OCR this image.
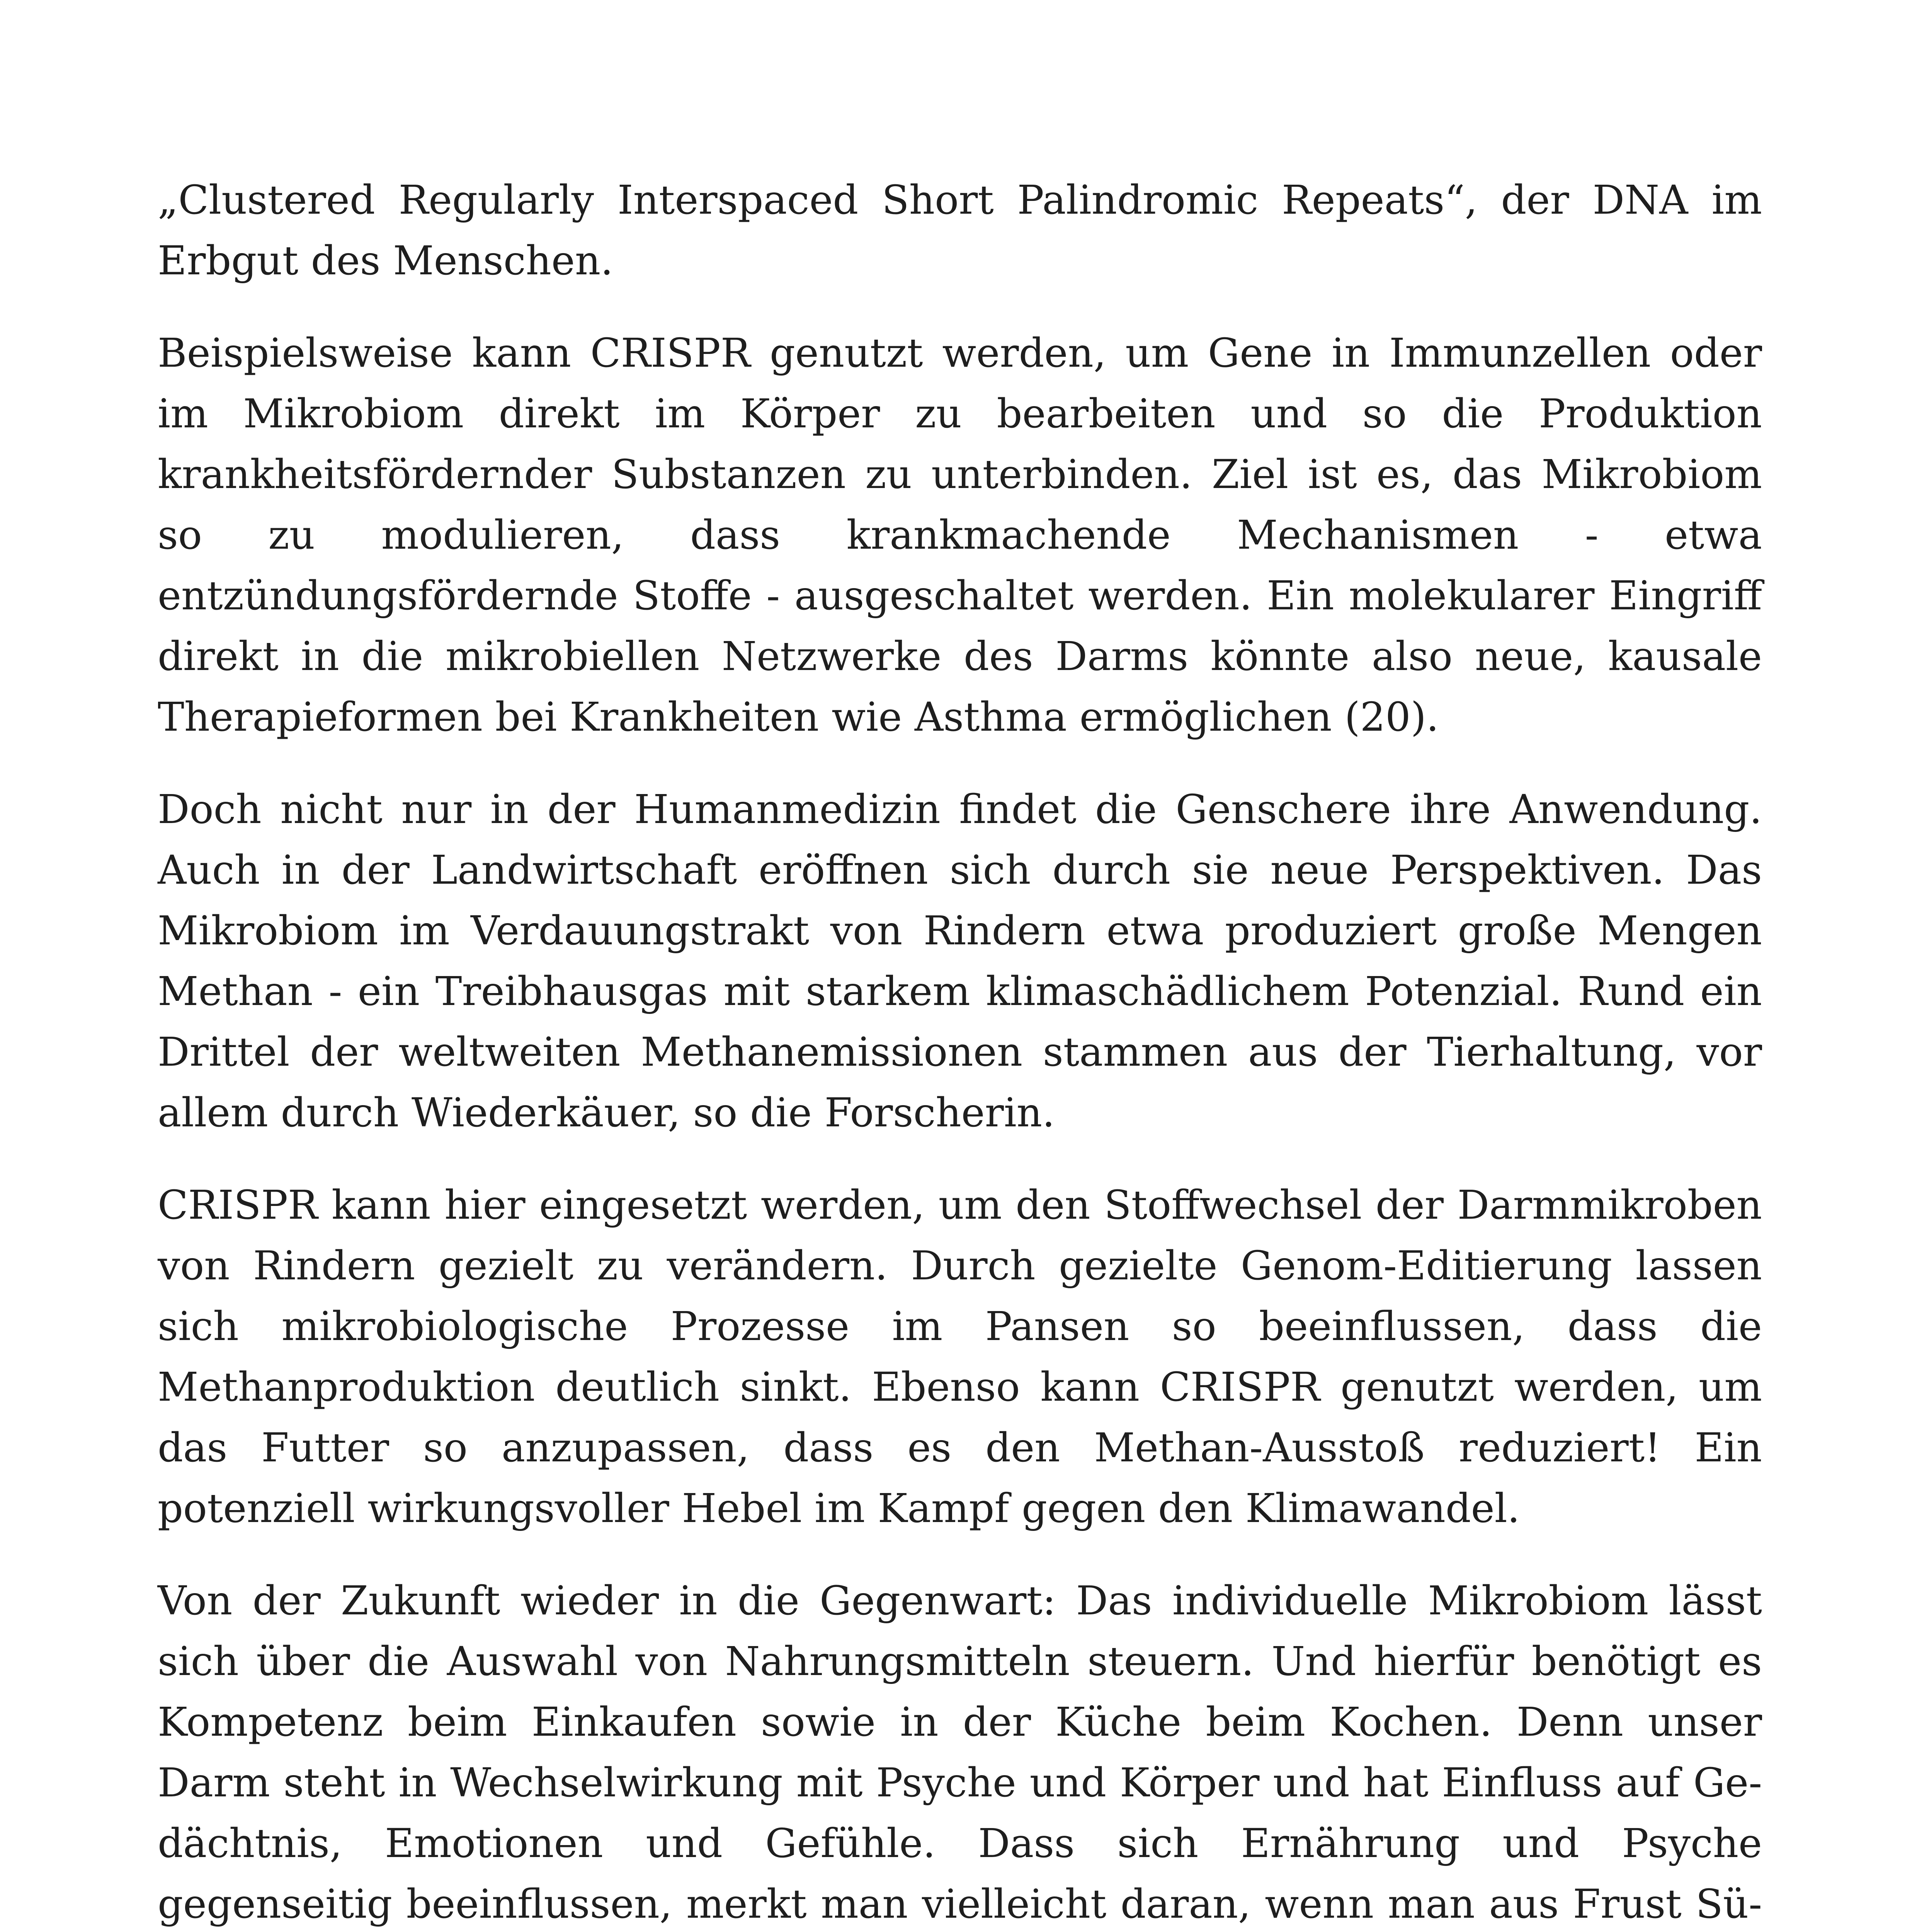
„Clustered Regularly Interspaced Short Palindromic Repeats“, der DNA im Erbgut des Menschen.

Beispielsweise kann CRISPR genutzt werden, um Gene in Immunzellen oder im Mikrobiom direkt im Körper zu bearbeiten und so die Produktion krankheitsfördernder Substanzen zu unterbinden. Ziel ist es, das Mikrobiom so zu modulieren, dass krankmachende Mechanismen - etwa entzündungsfördernde Stoffe - ausgeschaltet werden. Ein molekularer Eingriff direkt in die mikrobiellen Netzwerke des Darms könnte also neue, kausale Therapieformen bei Krankheiten wie Asthma ermöglichen (20).

Doch nicht nur in der Humanmedizin findet die Genschere ihre Anwendung. Auch in der Landwirtschaft eröffnen sich durch sie neue Perspektiven. Das Mikrobiom im Verdauungstrakt von Rindern etwa produziert große Mengen Methan - ein Treibhausgas mit starkem klimaschädlichem Potenzial. Rund ein Drittel der weltweiten Methanemissionen stammen aus der Tierhaltung, vor allem durch Wiederkäuer, so die Forscherin.

CRISPR kann hier eingesetzt werden, um den Stoffwechsel der Darmmikroben von Rindern gezielt zu verändern. Durch gezielte Genom-Editierung lassen sich mikrobiologische Prozesse im Pansen so beeinflussen, dass die Methanproduktion deutlich sinkt. Ebenso kann CRISPR genutzt werden, um das Futter so anzupassen, dass es den Methan-Ausstoß reduziert! Ein potenziell wirkungsvoller Hebel im Kampf gegen den Klimawandel.

Von der Zukunft wieder in die Gegenwart: Das individuelle Mikrobiom lässt sich über die Auswahl von Nahrungsmitteln steuern. Und hierfür benötigt es Kompetenz beim Einkaufen sowie in der Küche beim Kochen. Denn unser Darm steht in Wechselwirkung mit Psyche und Körper und hat Einfluss auf Gedächtnis, Emotionen und Gefühle. Dass sich Ernährung und Psyche gegenseitig beeinflussen, merkt man vielleicht daran, wenn man aus Frust Sü
